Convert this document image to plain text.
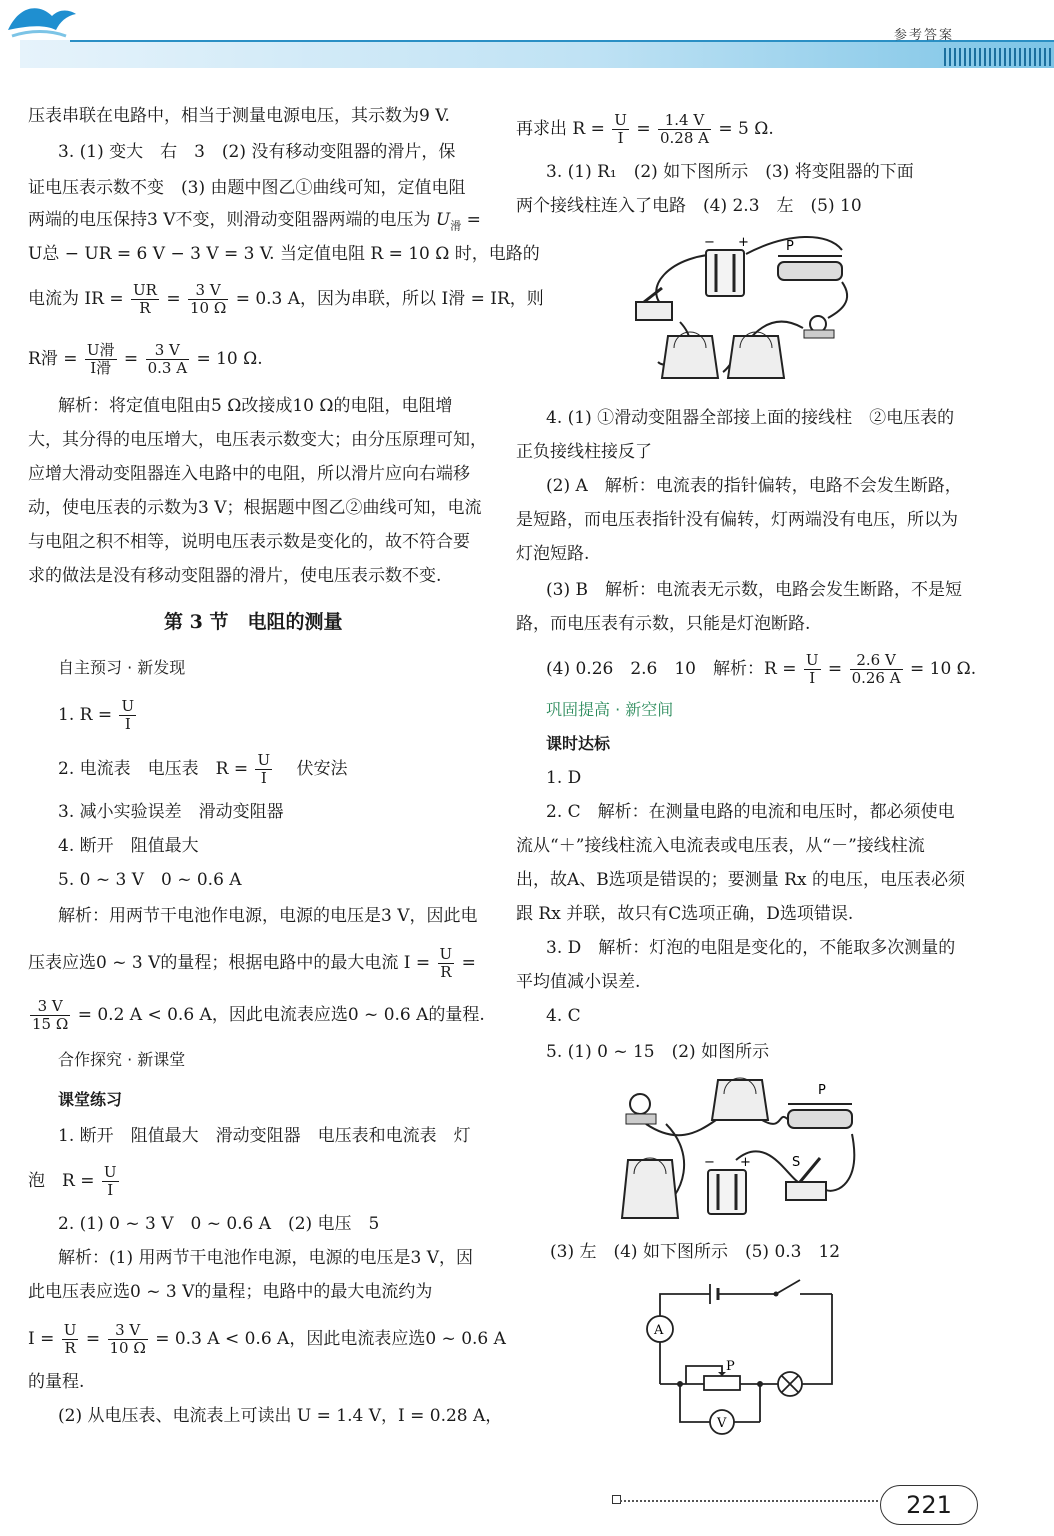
参考答案
压表串联在电路中，相当于测量电源电压，其示数为9 V.
3. (1) 变大　右　3　(2) 没有移动变阻器的滑片，保
证电压表示数不变　(3) 由题中图乙①曲线可知，定值电阻
两端的电压保持3 V不变，则滑动变阻器两端的电压为 $U_滑$ =
U总 − UR = 6 V − 3 V = 3 V. 当定值电阻 R = 10 Ω 时，电路的
电流为 IR = $\frac{UR}{R} = \frac{3 V}{10 \Omega} = 0.3$ A，因为串联，所以 I滑 = IR，则
R滑 = $\frac{\text{U滑}}{\text{I滑}} = \frac{3 V}{0.3 A} = 10$ Ω.
解析：将定值电阻由5 Ω改接成10 Ω的电阻，电阻增
大，其分得的电压增大，电压表示数变大；由分压原理可知，
应增大滑动变阻器连入电路中的电阻，所以滑片应向右端移
动，使电压表的示数为3 V；根据题中图乙②曲线可知，电流
与电阻之积不相等，说明电压表示数是变化的，故不符合要
求的做法是没有移动变阻器的滑片，使电压表示数不变.
第 3 节　电阻的测量
自主预习 · 新发现
1. $R = \frac{U}{I}$
2. 电流表　电压表　$R = \frac{U}{I}$ 　伏安法
3. 减小实验误差　滑动变阻器
4. 断开　阻值最大
5. 0 ~ 3 V　0 ~ 0.6 A
解析：用两节干电池作电源，电源的电压是3 V，因此电
压表应选0 ~ 3 V的量程；根据电路中的最大电流 $I = \frac{U}{R}$ =
$\frac{3 V}{15 \Omega} = 0.2$ A < 0.6 A，因此电流表应选0 ~ 0.6 A的量程.
合作探究 · 新课堂
课堂练习
1. 断开　阻值最大　滑动变阻器　电压表和电流表　灯
泡　$R = \frac{U}{I}$
2. (1) 0 ~ 3 V　0 ~ 0.6 A　(2) 电压　5
解析：(1) 用两节干电池作电源，电源的电压是3 V，因
此电压表应选0 ~ 3 V的量程；电路中的最大电流约为
$I = \frac{U}{R} = \frac{3 V}{10 \Omega} = 0.3$ A < 0.6 A，因此电流表应选0 ~ 0.6 A
的量程.
(2) 从电压表、电流表上可读出 U = 1.4 V，I = 0.28 A，
再求出 $R = \frac{U}{I} = \frac{1.4 V}{0.28 A} = 5$ Ω.
3. (1) R₁　(2) 如下图所示　(3) 将变阻器的下面
两个接线柱连入了电路　(4) 2.3　左　(5) 10
− +	P
4. (1) ①滑动变阻器全部接上面的接线柱　②电压表的
正负接线柱接反了
(2) A　解析：电流表的指针偏转，电路不会发生断路，
是短路，而电压表指针没有偏转，灯两端没有电压，所以为
灯泡短路.
(3) B　解析：电流表无示数，电路会发生断路，不是短
路，而电压表有示数，只能是灯泡断路.
(4) 0.26　2.6　10　解析：$R = \frac{U}{I} = \frac{2.6 V}{0.26 A} = 10$ Ω.
巩固提高 · 新空间
课时达标
1. D
2. C　解析：在测量电路的电流和电压时，都必须使电
流从“＋”接线柱流入电流表或电压表，从“－”接线柱流
出，故A、B选项是错误的；要测量 Rx 的电压，电压表必须
跟 Rx 并联，故只有C选项正确，D选项错误.
3. D　解析：灯泡的电阻是变化的，不能取多次测量的
平均值减小误差.
4. C
5. (1) 0 ~ 15　(2) 如图所示
P
− +	S
(3) 左　(4) 如下图所示　(5) 0.3　12
P
A
V
221
